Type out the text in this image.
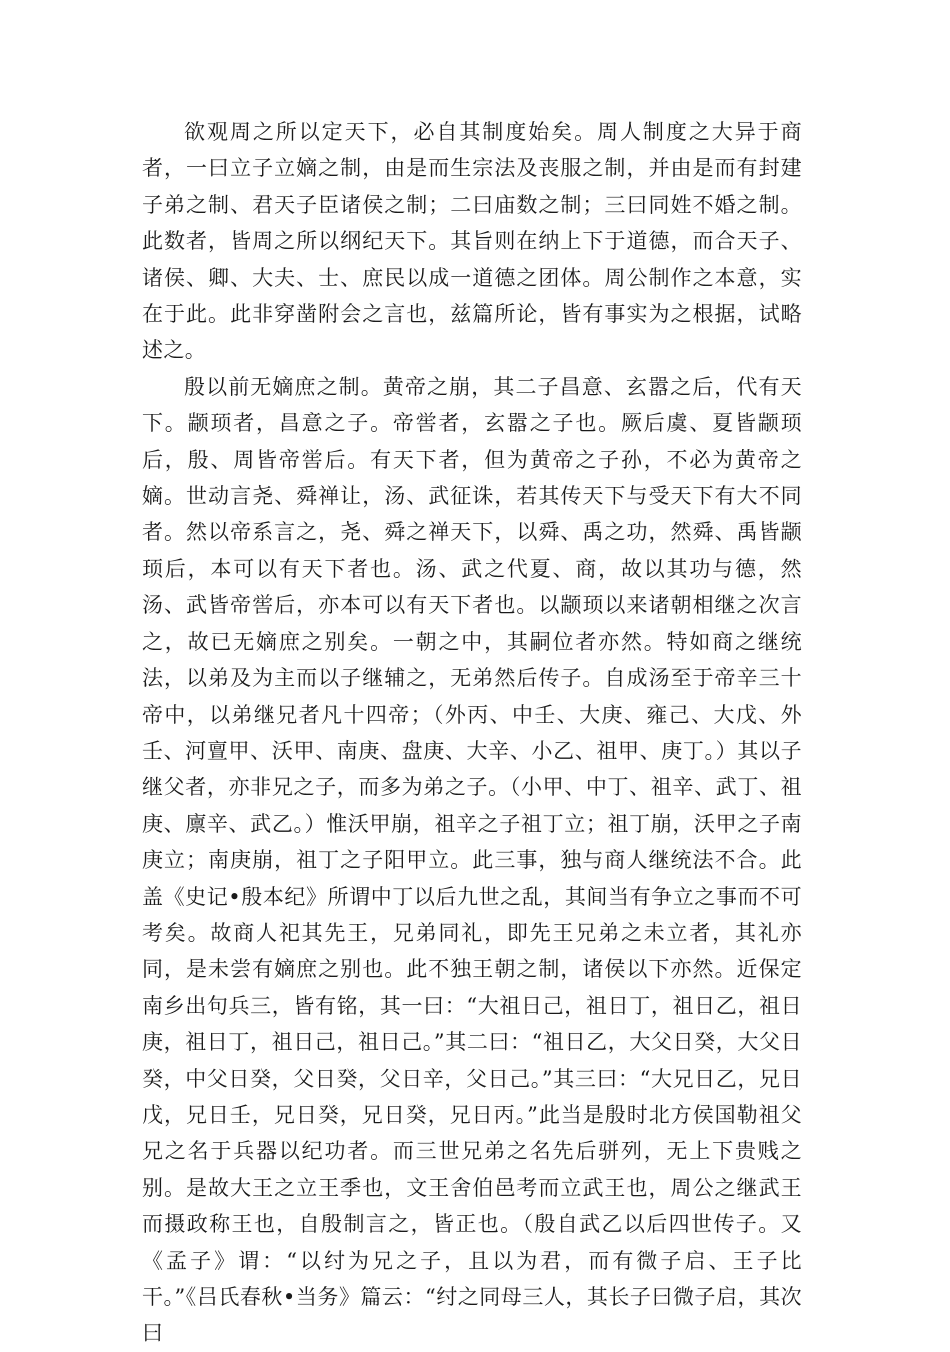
欲观周之所以定天下，必自其制度始矣。周人制度之大异于商者，一曰立子立嫡之制，由是而生宗法及丧服之制，并由是而有封建子弟之制、君天子臣诸侯之制；二曰庙数之制；三曰同姓不婚之制。此数者，皆周之所以纲纪天下。其旨则在纳上下于道德，而合天子、诸侯、卿、大夫、士、庶民以成一道德之团体。周公制作之本意，实在于此。此非穿凿附会之言也，兹篇所论，皆有事实为之根据，试略述之。

殷以前无嫡庶之制。黄帝之崩，其二子昌意、玄嚣之后，代有天下。颛顼者，昌意之子。帝喾者，玄嚣之子也。厥后虞、夏皆颛顼后，殷、周皆帝喾后。有天下者，但为黄帝之子孙，不必为黄帝之嫡。世动言尧、舜禅让，汤、武征诛，若其传天下与受天下有大不同者。然以帝系言之，尧、舜之禅天下，以舜、禹之功，然舜、禹皆颛顼后，本可以有天下者也。汤、武之代夏、商，故以其功与德，然汤、武皆帝喾后，亦本可以有天下者也。以颛顼以来诸朝相继之次言之，故已无嫡庶之别矣。一朝之中，其嗣位者亦然。特如商之继统法，以弟及为主而以子继辅之，无弟然后传子。自成汤至于帝辛三十帝中，以弟继兄者凡十四帝；（外丙、中壬、大庚、雍己、大戊、外壬、河亶甲、沃甲、南庚、盘庚、大辛、小乙、祖甲、庚丁。）其以子继父者，亦非兄之子，而多为弟之子。（小甲、中丁、祖辛、武丁、祖庚、廪辛、武乙。）惟沃甲崩，祖辛之子祖丁立；祖丁崩，沃甲之子南庚立；南庚崩，祖丁之子阳甲立。此三事，独与商人继统法不合。此盖《史记•殷本纪》所谓中丁以后九世之乱，其间当有争立之事而不可考矣。故商人祀其先王，兄弟同礼，即先王兄弟之未立者，其礼亦同，是未尝有嫡庶之别也。此不独王朝之制，诸侯以下亦然。近保定南乡出句兵三，皆有铭，其一曰：“大祖日己，祖日丁，祖日乙，祖日庚，祖日丁，祖日己，祖日己。”其二曰：“祖日乙，大父日癸，大父日癸，中父日癸，父日癸，父日辛，父日己。”其三曰：“大兄日乙，兄日戊，兄日壬，兄日癸，兄日癸，兄日丙。”此当是殷时北方侯国勒祖父兄之名于兵器以纪功者。而三世兄弟之名先后骈列，无上下贵贱之别。是故大王之立王季也，文王舍伯邑考而立武王也，周公之继武王而摄政称王也，自殷制言之，皆正也。（殷自武乙以后四世传子。又《孟子》谓：“以纣为兄之子，且以为君，而有微子启、王子比干。”《吕氏春秋•当务》篇云：“纣之同母三人，其长子曰微子启，其次曰
